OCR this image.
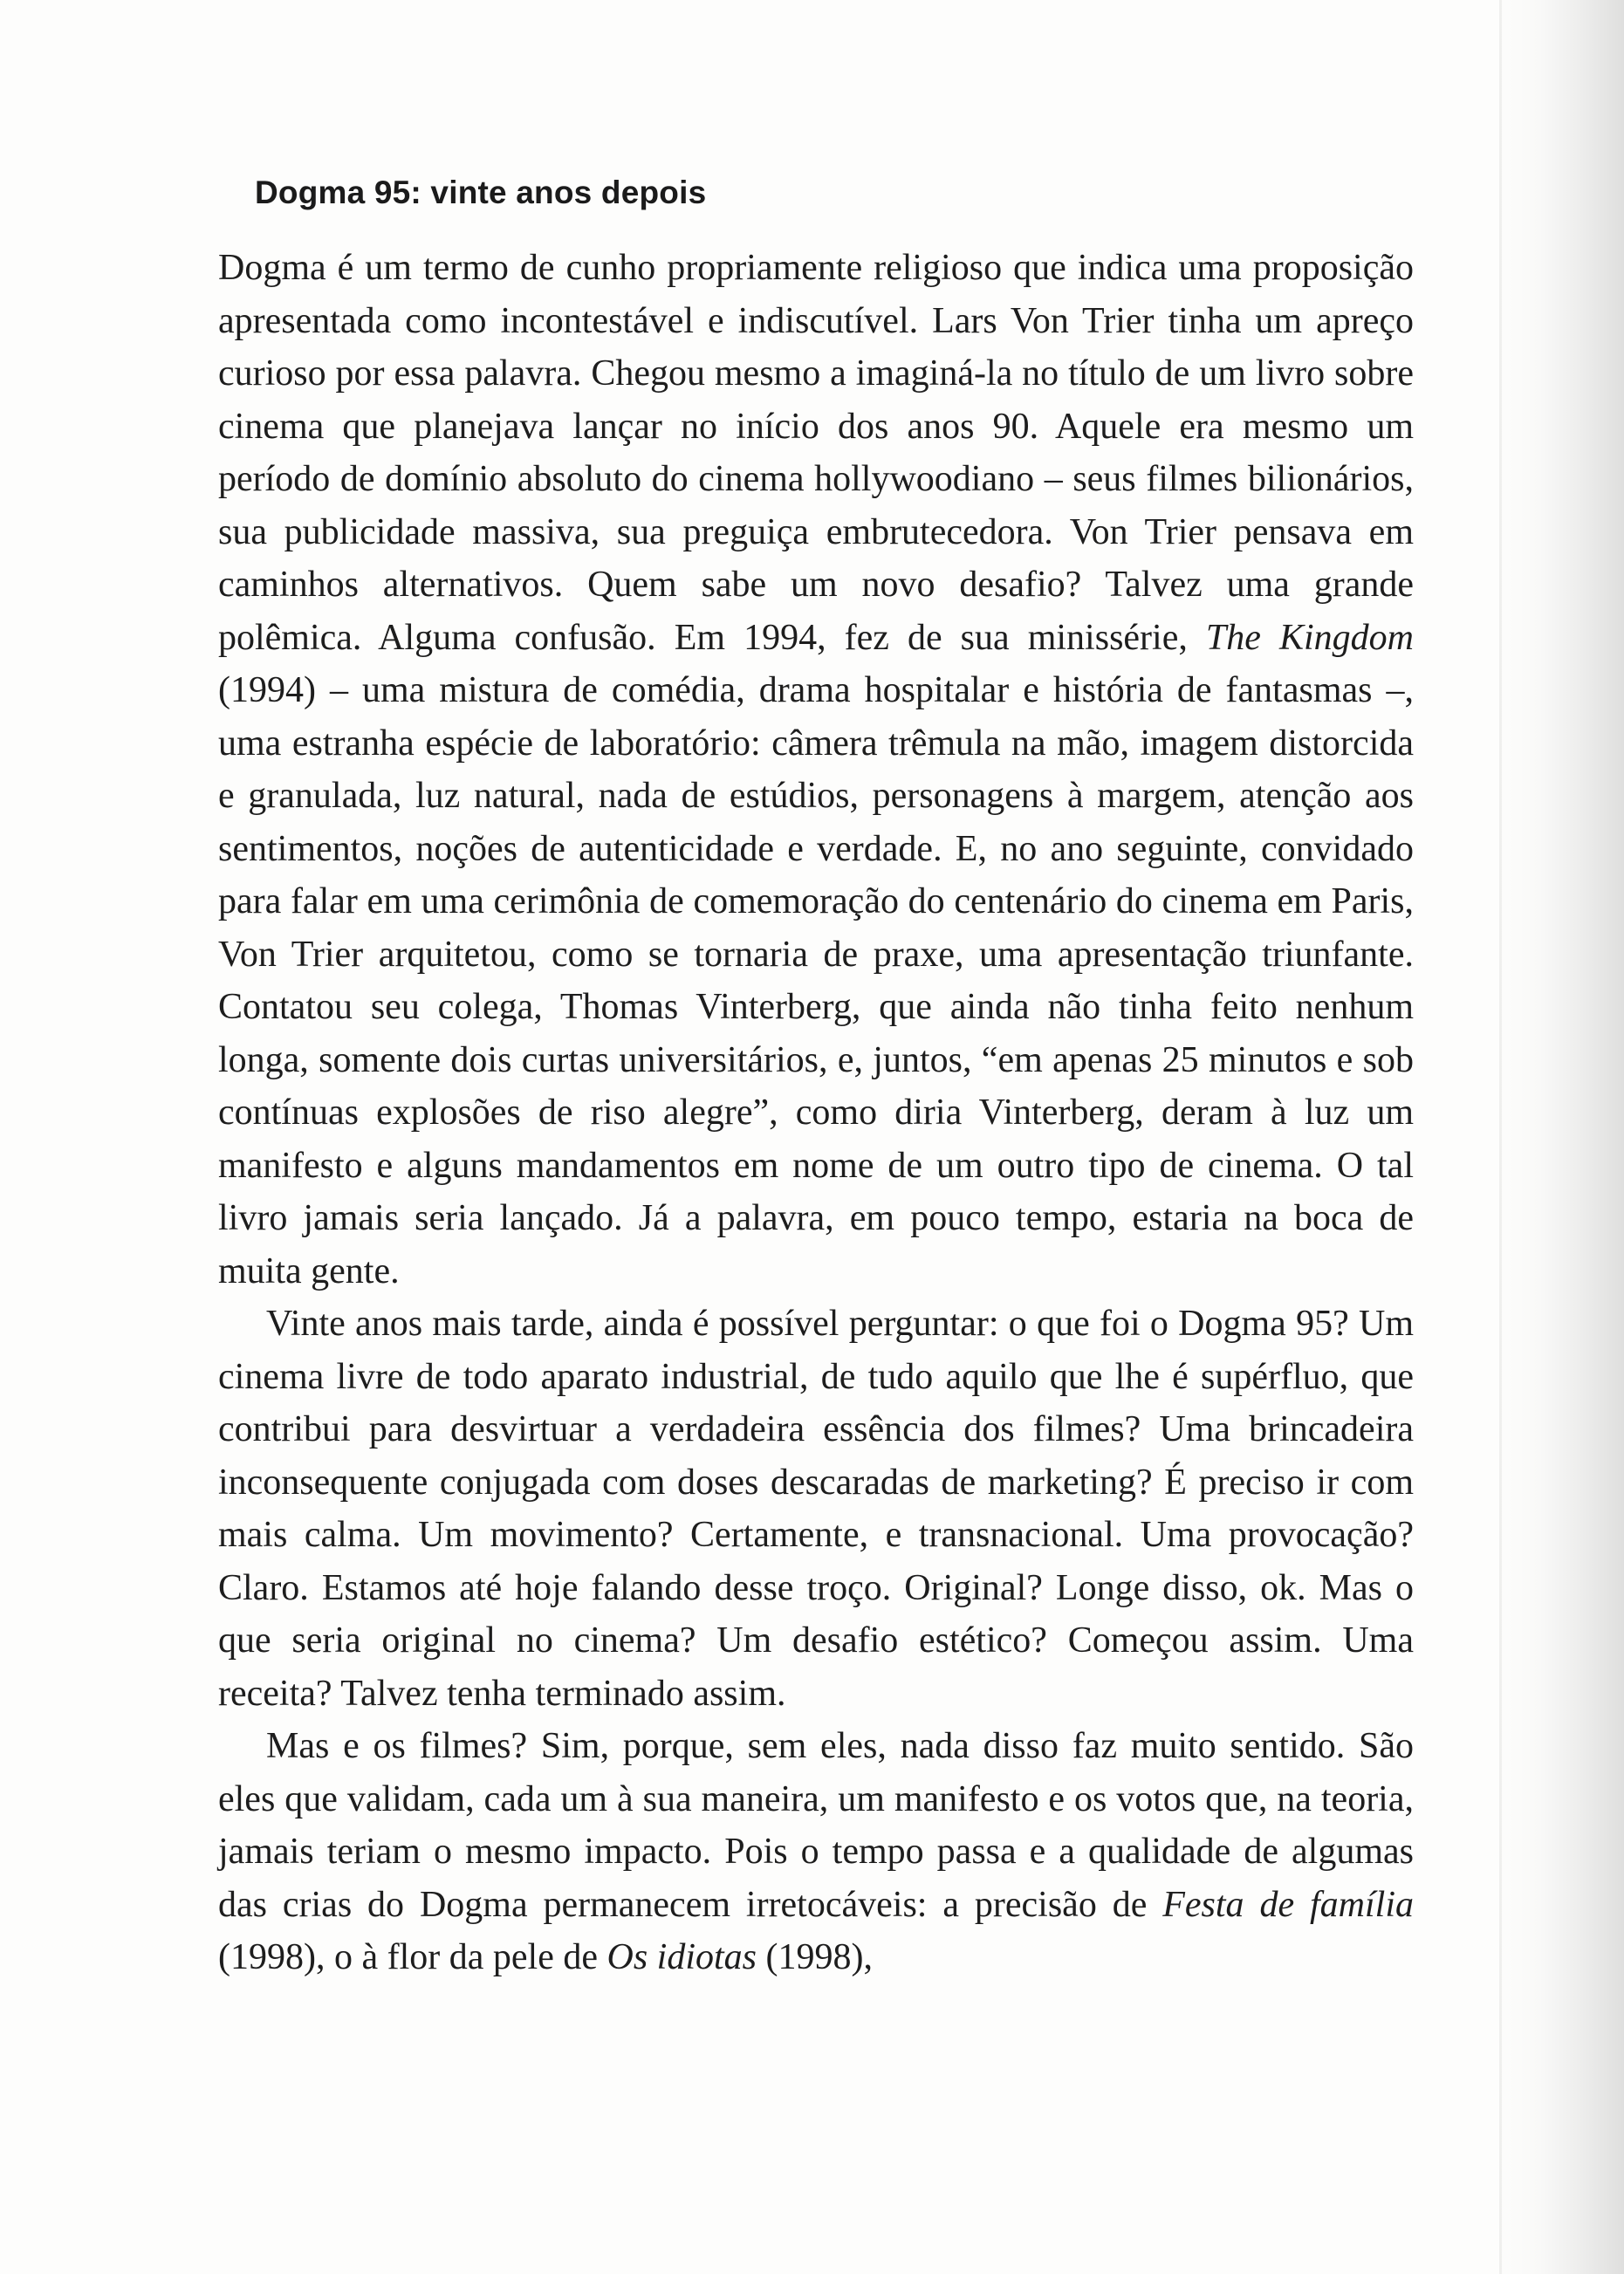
Dogma 95: vinte anos depois

Dogma é um termo de cunho propriamente religioso que indica uma proposição apresentada como incontestável e indiscutível. Lars Von Trier tinha um apreço curioso por essa palavra. Chegou mesmo a imaginá-la no título de um livro sobre cinema que planejava lançar no início dos anos 90. Aquele era mesmo um período de domínio absoluto do cinema hollywoodiano – seus filmes bilionários, sua publicidade massiva, sua preguiça embrutecedora. Von Trier pensava em caminhos alternativos. Quem sabe um novo desafio? Talvez uma grande polêmica. Alguma confusão. Em 1994, fez de sua minissérie, The Kingdom (1994) – uma mistura de comédia, drama hospitalar e história de fantasmas –, uma estranha espécie de laboratório: câmera trêmula na mão, imagem distorcida e granulada, luz natural, nada de estúdios, personagens à margem, atenção aos sentimentos, noções de autenticidade e verdade. E, no ano seguinte, convidado para falar em uma cerimônia de comemoração do centenário do cinema em Paris, Von Trier arquitetou, como se tornaria de praxe, uma apresentação triunfante. Contatou seu colega, Thomas Vinterberg, que ainda não tinha feito nenhum longa, somente dois curtas universitários, e, juntos, “em apenas 25 minutos e sob contínuas explosões de riso alegre”, como diria Vinterberg, deram à luz um manifesto e alguns mandamentos em nome de um outro tipo de cinema. O tal livro jamais seria lançado. Já a palavra, em pouco tempo, estaria na boca de muita gente.

Vinte anos mais tarde, ainda é possível perguntar: o que foi o Dogma 95? Um cinema livre de todo aparato industrial, de tudo aquilo que lhe é supérfluo, que contribui para desvirtuar a verdadeira essência dos filmes? Uma brincadeira inconsequente conjugada com doses descaradas de marketing? É preciso ir com mais calma. Um movimento? Certamente, e transnacional. Uma provocação? Claro. Estamos até hoje falando desse troço. Original? Longe disso, ok. Mas o que seria original no cinema? Um desafio estético? Começou assim. Uma receita? Talvez tenha terminado assim.

Mas e os filmes? Sim, porque, sem eles, nada disso faz muito sentido. São eles que validam, cada um à sua maneira, um manifesto e os votos que, na teoria, jamais teriam o mesmo impacto. Pois o tempo passa e a qualidade de algumas das crias do Dogma permanecem irretocáveis: a precisão de Festa de família (1998), o à flor da pele de Os idiotas (1998),
